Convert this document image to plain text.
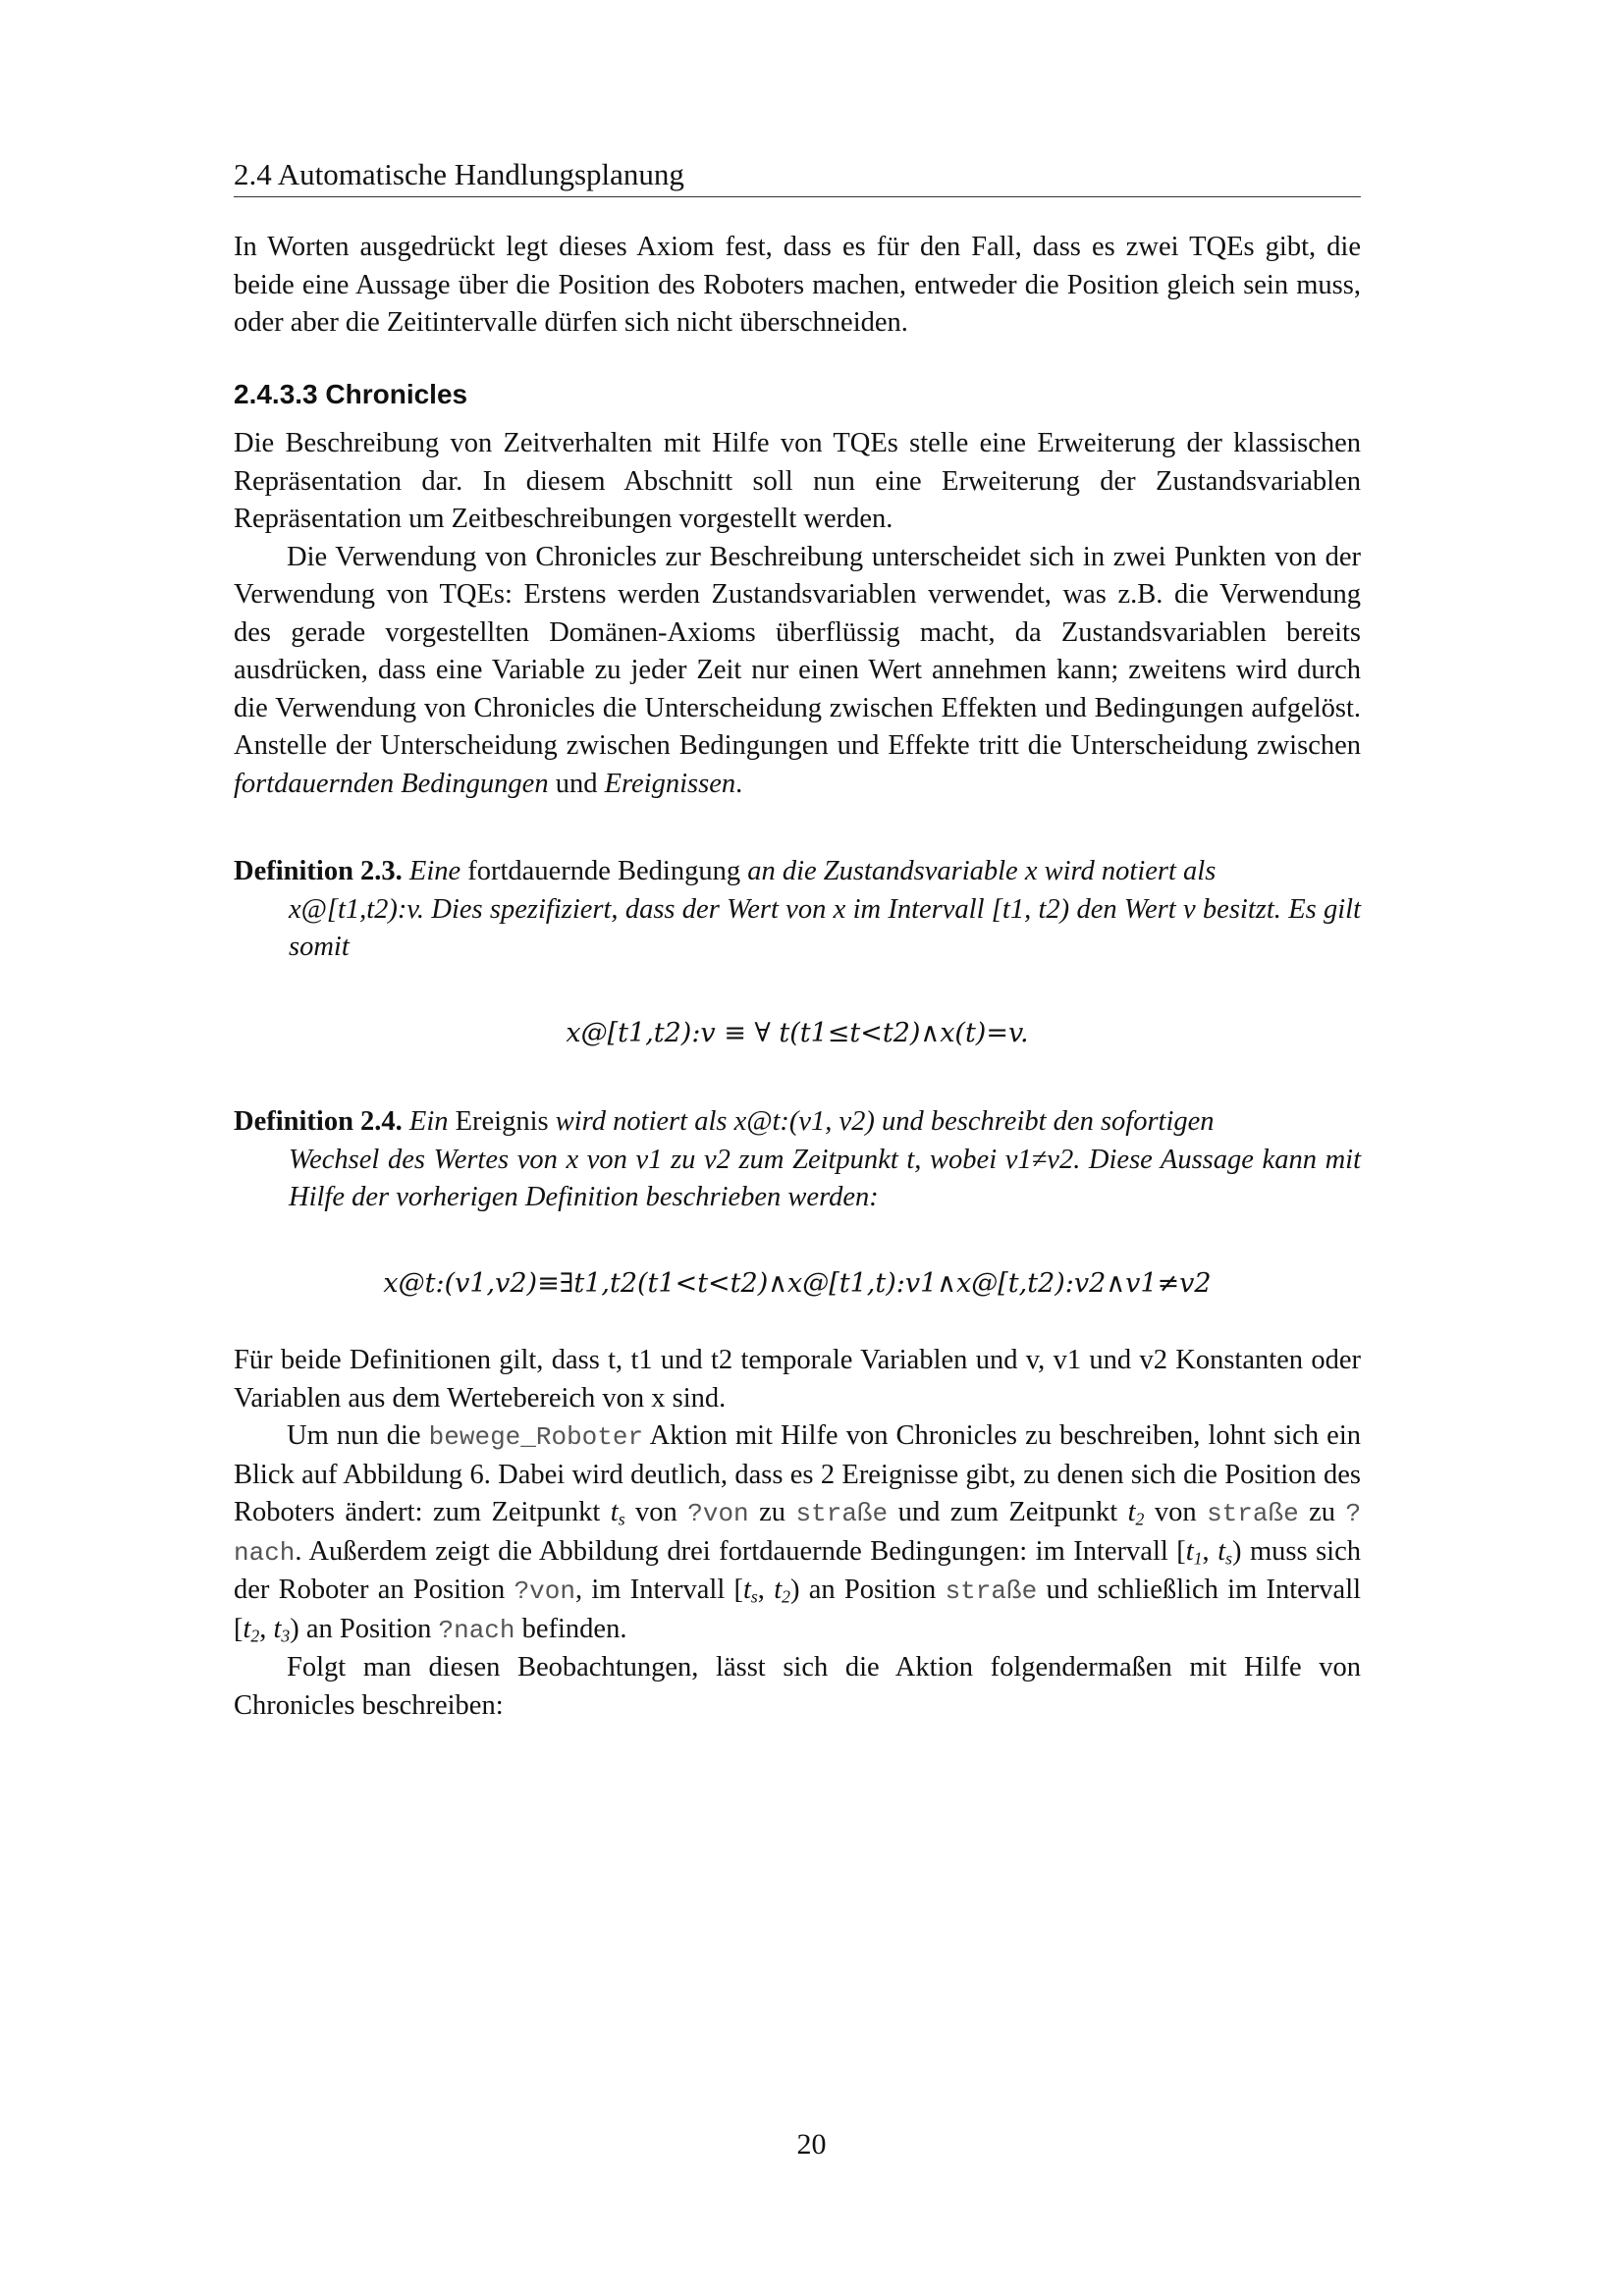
2.4 Automatische Handlungsplanung

In Worten ausgedrückt legt dieses Axiom fest, dass es für den Fall, dass es zwei TQEs gibt, die beide eine Aussage über die Position des Roboters machen, entweder die Position gleich sein muss, oder aber die Zeitintervalle dürfen sich nicht überschneiden.

2.4.3.3 Chronicles

Die Beschreibung von Zeitverhalten mit Hilfe von TQEs stelle eine Erweiterung der klassischen Repräsentation dar. In diesem Abschnitt soll nun eine Erweiterung der Zustandsvariablen Repräsentation um Zeitbeschreibungen vorgestellt werden.

Die Verwendung von Chronicles zur Beschreibung unterscheidet sich in zwei Punkten von der Verwendung von TQEs: Erstens werden Zustandsvariablen verwendet, was z.B. die Verwendung des gerade vorgestellten Domänen-Axioms überflüssig macht, da Zustandsvariablen bereits ausdrücken, dass eine Variable zu jeder Zeit nur einen Wert annehmen kann; zweitens wird durch die Verwendung von Chronicles die Unterscheidung zwischen Effekten und Bedingungen aufgelöst. Anstelle der Unterscheidung zwischen Bedingungen und Effekte tritt die Unterscheidung zwischen fortdauernden Bedingungen und Ereignissen.

Definition 2.3. Eine fortdauernde Bedingung an die Zustandsvariable x wird notiert als

x@[t1,t2):v. Dies spezifiziert, dass der Wert von x im Intervall [t1, t2) den Wert v besitzt. Es gilt somit

x@[t1,t2):v ≡ ∀ t(t1≤t<t2)∧x(t)=v.

Definition 2.4. Ein Ereignis wird notiert als x@t:(v1, v2) und beschreibt den sofortigen

Wechsel des Wertes von x von v1 zu v2 zum Zeitpunkt t, wobei v1≠v2. Diese Aussage kann mit Hilfe der vorherigen Definition beschrieben werden:

x@t:(v1,v2)≡∃t1,t2(t1<t<t2)∧x@[t1,t):v1∧x@[t,t2):v2∧v1≠v2

Für beide Definitionen gilt, dass t, t1 und t2 temporale Variablen und v, v1 und v2 Konstanten oder Variablen aus dem Wertebereich von x sind.

Um nun die bewege_Roboter Aktion mit Hilfe von Chronicles zu beschreiben, lohnt sich ein Blick auf Abbildung 6. Dabei wird deutlich, dass es 2 Ereignisse gibt, zu denen sich die Position des Roboters ändert: zum Zeitpunkt $t_s$ von ?von zu straße und zum Zeitpunkt $t_2$ von straße zu ?nach. Außerdem zeigt die Abbildung drei fortdauernde Bedingungen: im Intervall [$t_1$, $t_s$) muss sich der Roboter an Position ?von, im Intervall [$t_s$, $t_2$) an Position straße und schließlich im Intervall [$t_2$, $t_3$) an Position ?nach befinden.

Folgt man diesen Beobachtungen, lässt sich die Aktion folgendermaßen mit Hilfe von Chronicles beschreiben:

20
